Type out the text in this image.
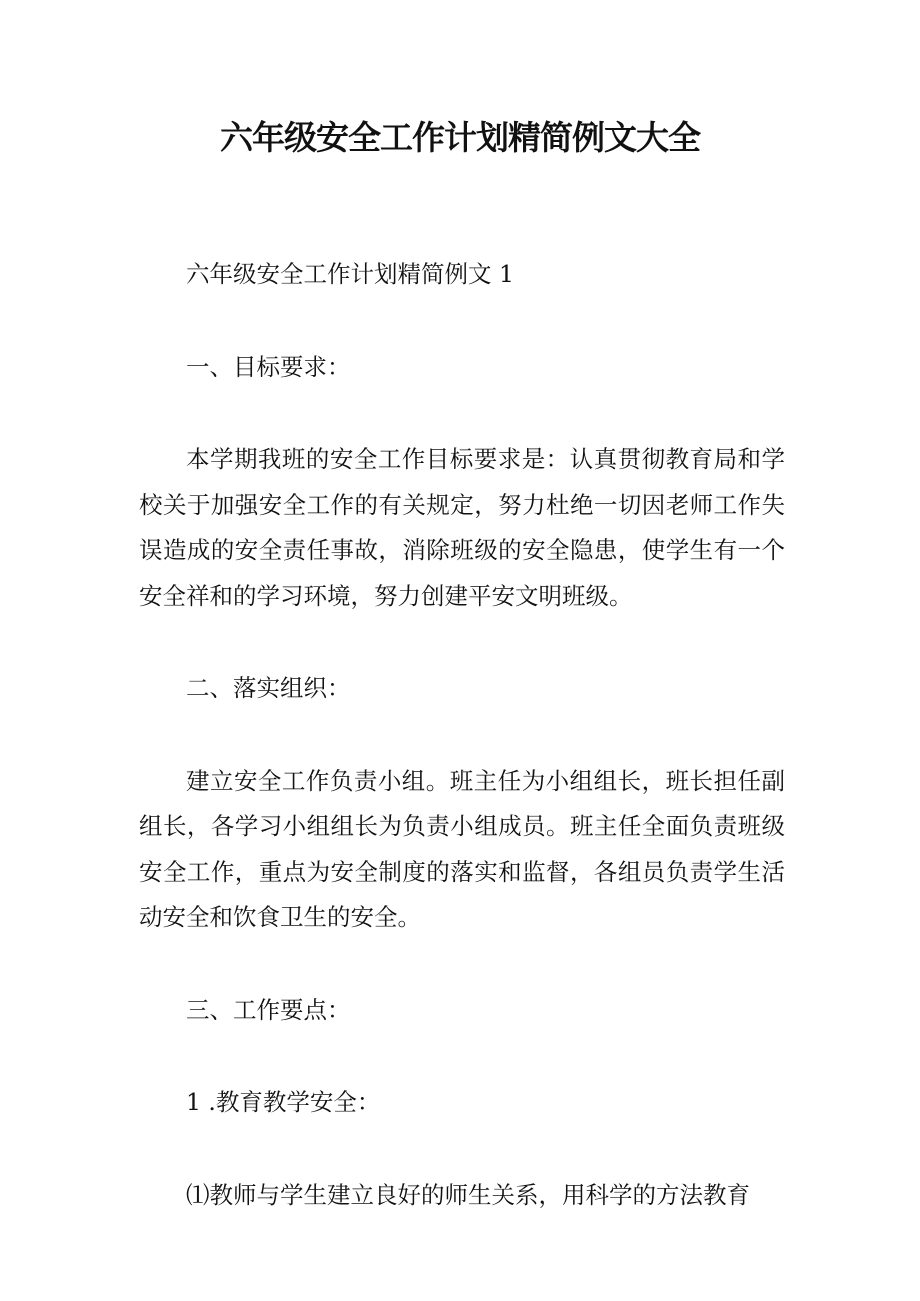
六年级安全工作计划精简例文大全

六年级安全工作计划精简例文 1

一、目标要求：

本学期我班的安全工作目标要求是：认真贯彻教育局和学校关于加强安全工作的有关规定，努力杜绝一切因老师工作失误造成的安全责任事故，消除班级的安全隐患，使学生有一个安全祥和的学习环境，努力创建平安文明班级。

二、落实组织：

建立安全工作负责小组。班主任为小组组长，班长担任副组长，各学习小组组长为负责小组成员。班主任全面负责班级安全工作，重点为安全制度的落实和监督，各组员负责学生活动安全和饮食卫生的安全。

三、工作要点：

1 .教育教学安全：

⑴教师与学生建立良好的师生关系，用科学的方法教育
